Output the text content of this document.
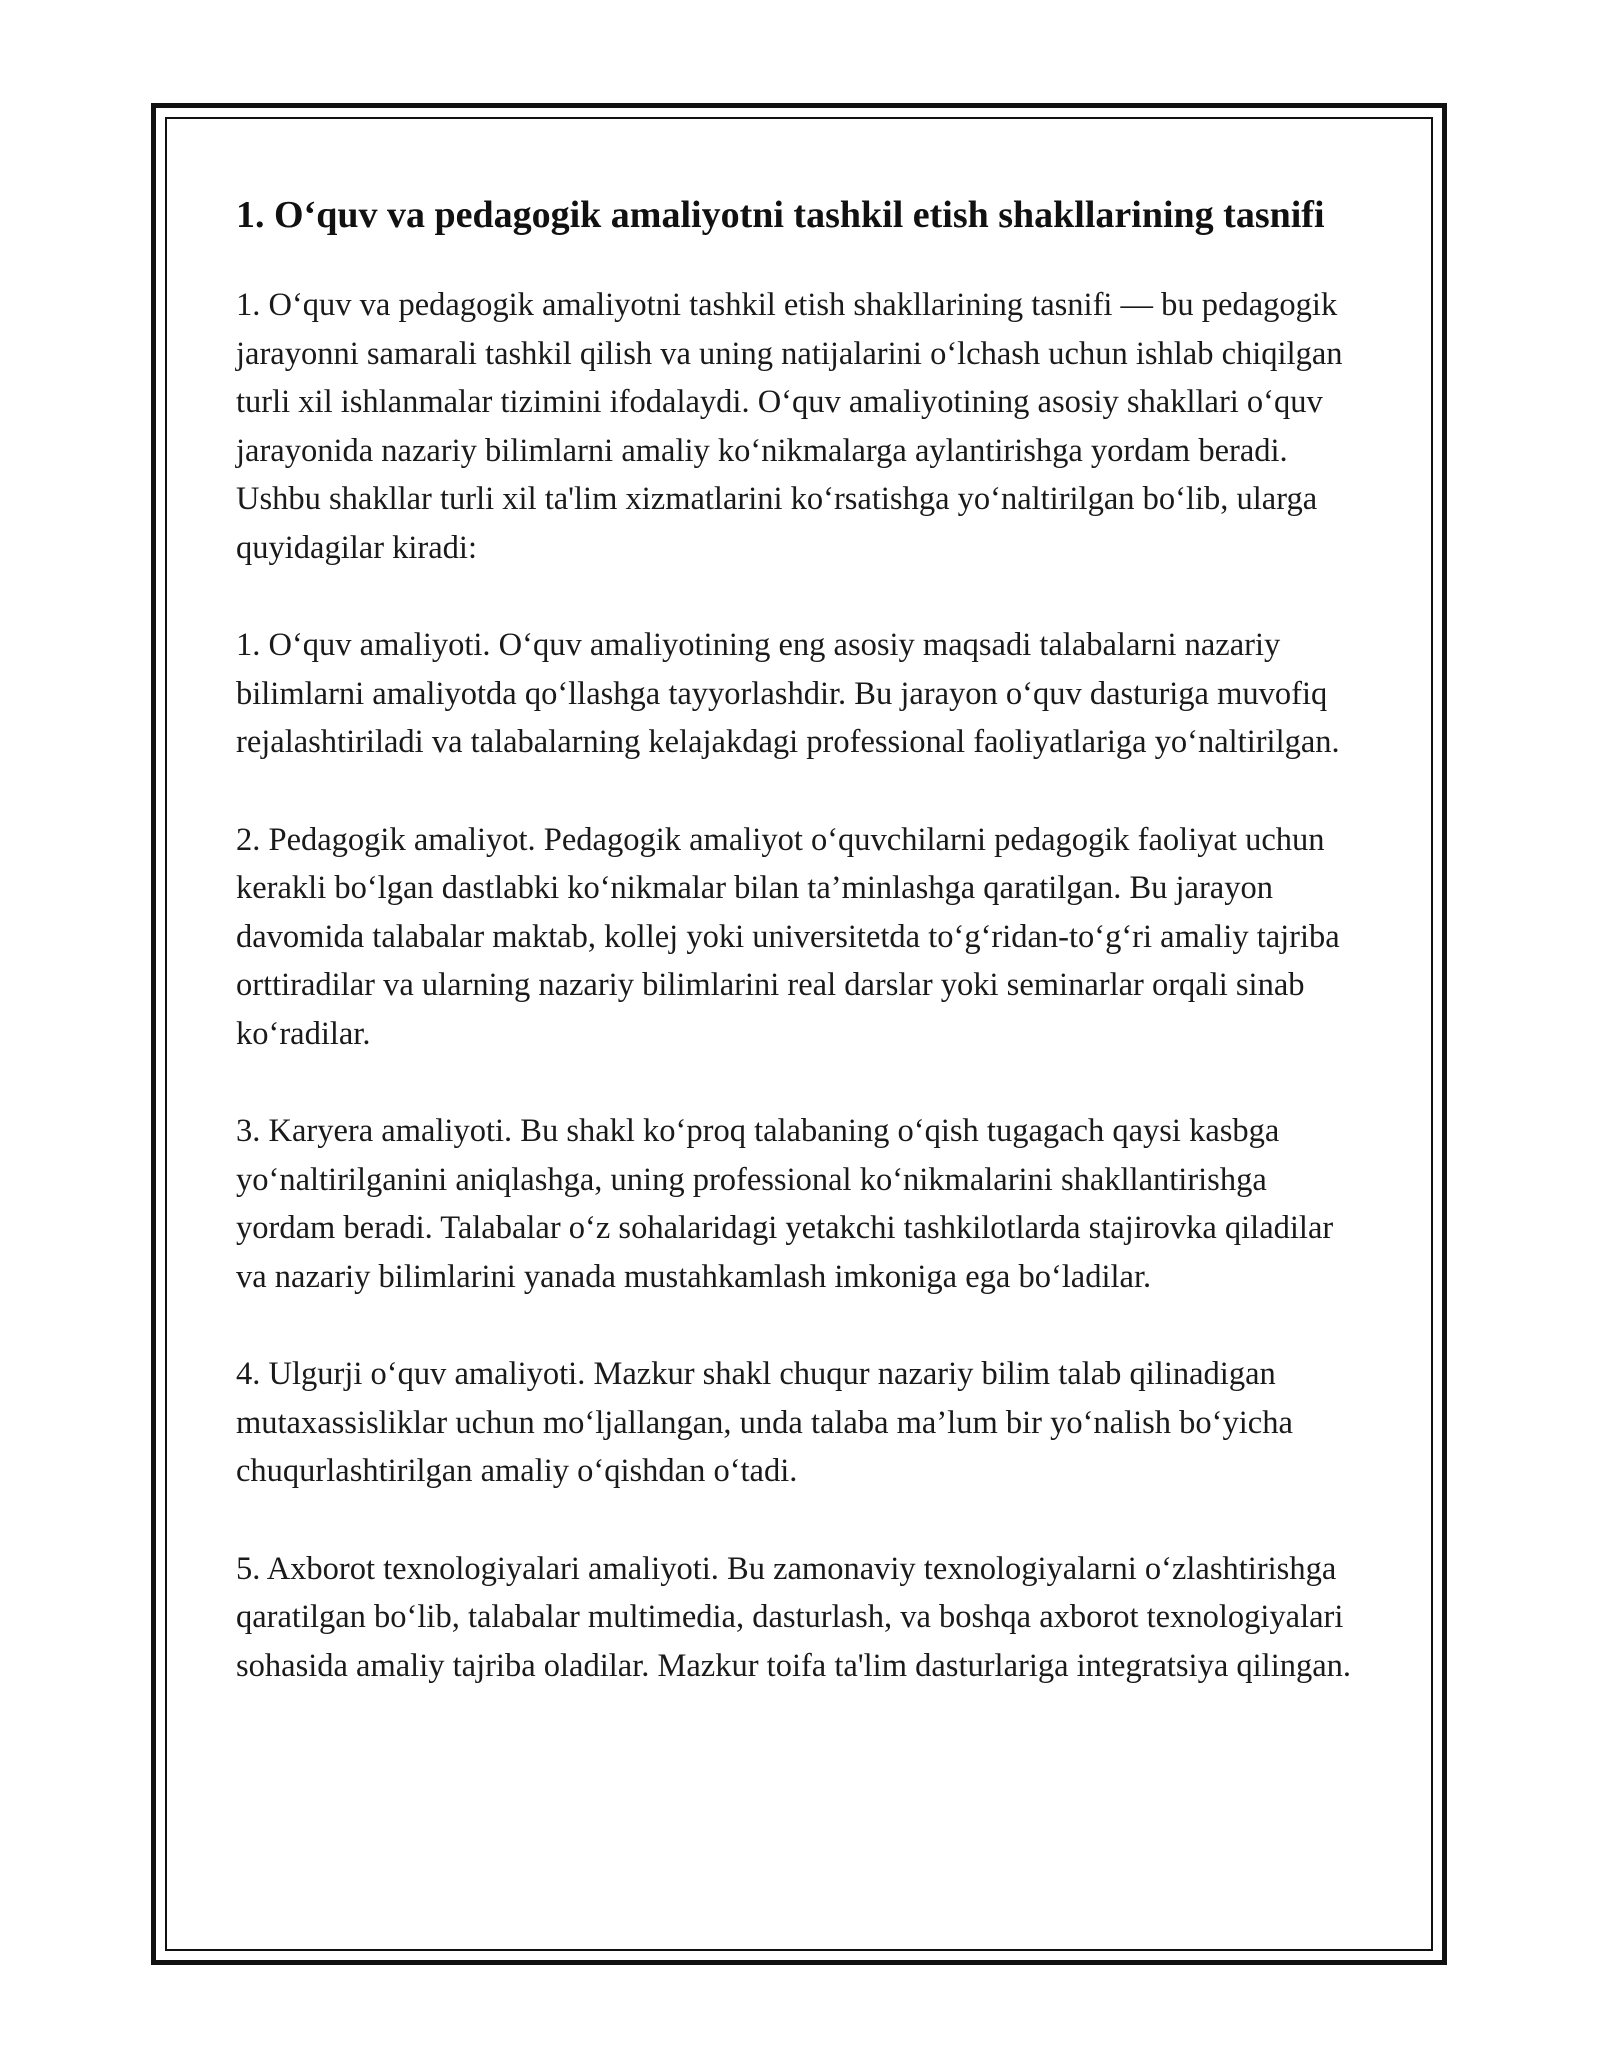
1. O‘quv va pedagogik amaliyotni tashkil etish shakllarining tasnifi

1. O‘quv va pedagogik amaliyotni tashkil etish shakllarining tasnifi — bu pedagogik jarayonni samarali tashkil qilish va uning natijalarini o‘lchash uchun ishlab chiqilgan turli xil ishlanmalar tizimini ifodalaydi. O‘quv amaliyotining asosiy shakllari o‘quv jarayonida nazariy bilimlarni amaliy ko‘nikmalarga aylantirishga yordam beradi. Ushbu shakllar turli xil ta'lim xizmatlarini ko‘rsatishga yo‘naltirilgan bo‘lib, ularga quyidagilar kiradi:

1. O‘quv amaliyoti. O‘quv amaliyotining eng asosiy maqsadi talabalarni nazariy bilimlarni amaliyotda qo‘llashga tayyorlashdir. Bu jarayon o‘quv dasturiga muvofiq rejalashtiriladi va talabalarning kelajakdagi professional faoliyatlariga yo‘naltirilgan.

2. Pedagogik amaliyot. Pedagogik amaliyot o‘quvchilarni pedagogik faoliyat uchun kerakli bo‘lgan dastlabki ko‘nikmalar bilan ta’minlashga qaratilgan. Bu jarayon davomida talabalar maktab, kollej yoki universitetda to‘g‘ridan-to‘g‘ri amaliy tajriba orttiradilar va ularning nazariy bilimlarini real darslar yoki seminarlar orqali sinab ko‘radilar.

3. Karyera amaliyoti. Bu shakl ko‘proq talabaning o‘qish tugagach qaysi kasbga yo‘naltirilganini aniqlashga, uning professional ko‘nikmalarini shakllantirishga yordam beradi. Talabalar o‘z sohalaridagi yetakchi tashkilotlarda stajirovka qiladilar va nazariy bilimlarini yanada mustahkamlash imkoniga ega bo‘ladilar.

4. Ulgurji o‘quv amaliyoti. Mazkur shakl chuqur nazariy bilim talab qilinadigan mutaxassisliklar uchun mo‘ljallangan, unda talaba ma’lum bir yo‘nalish bo‘yicha chuqurlashtirilgan amaliy o‘qishdan o‘tadi.

5. Axborot texnologiyalari amaliyoti. Bu zamonaviy texnologiyalarni o‘zlashtirishga qaratilgan bo‘lib, talabalar multimedia, dasturlash, va boshqa axborot texnologiyalari sohasida amaliy tajriba oladilar. Mazkur toifa ta'lim dasturlariga integratsiya qilingan.
